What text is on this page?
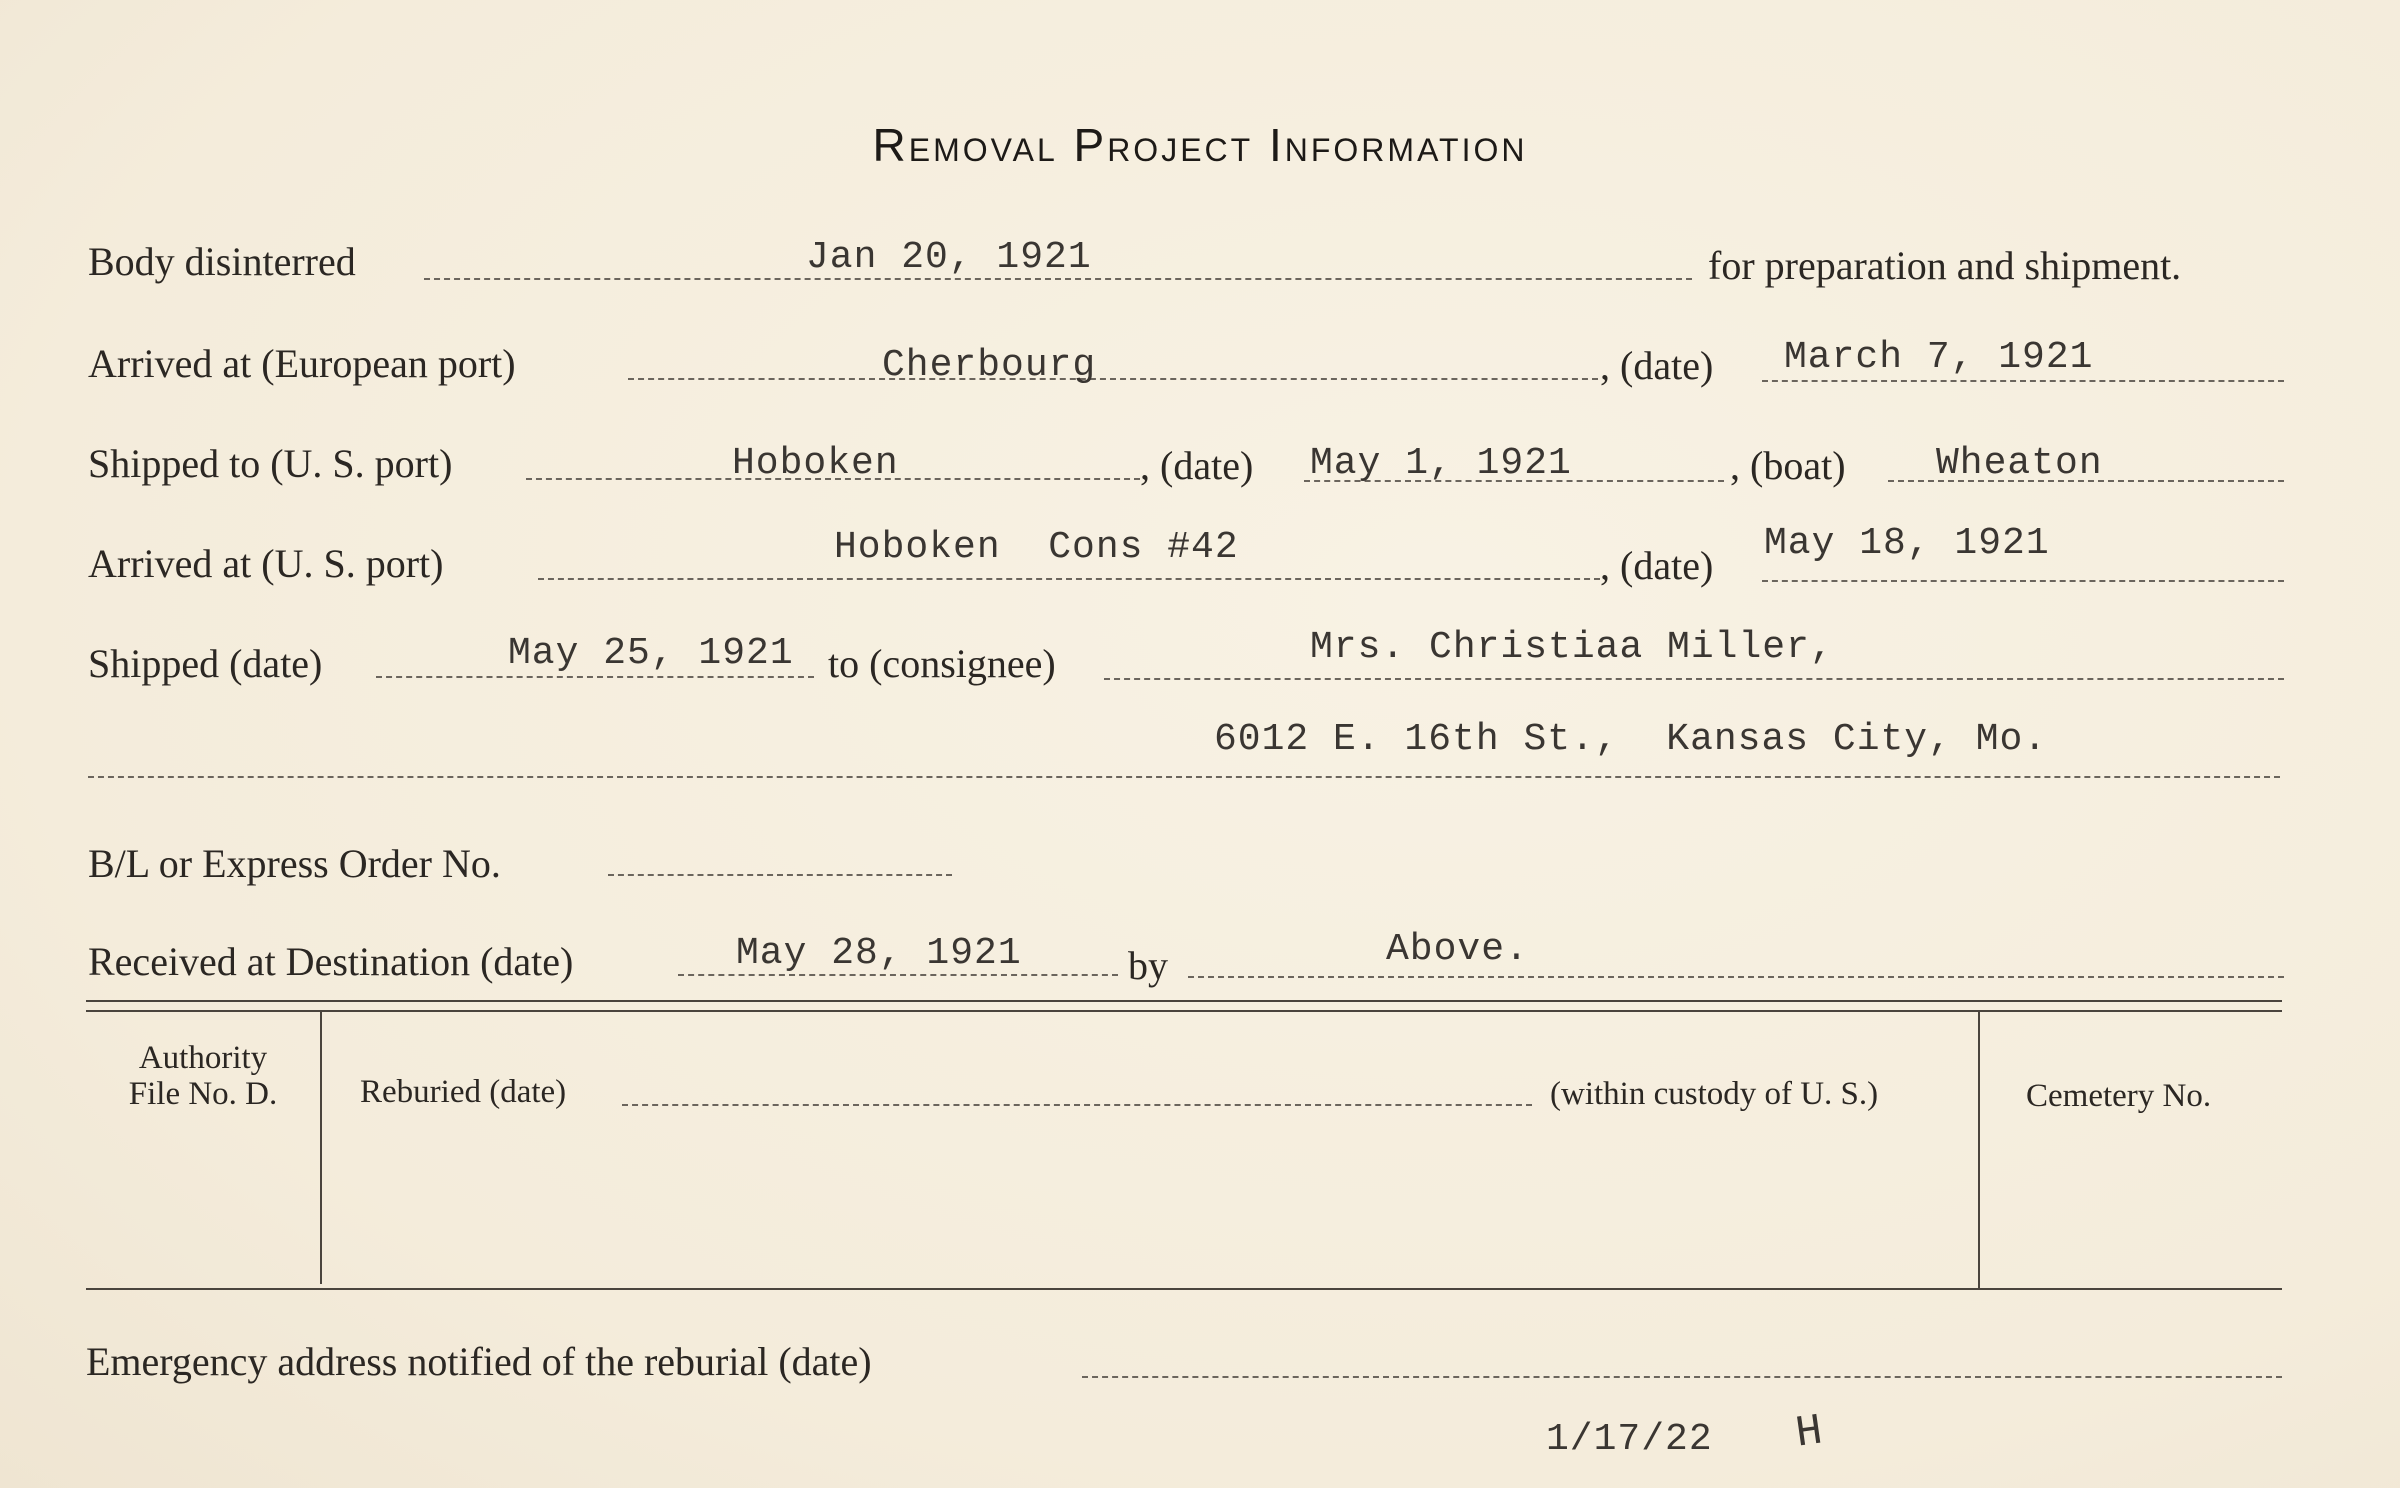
Removal Project Information
Body disinterred	Jan 20, 1921	for preparation and shipment.
Arrived at (European port)	Cherbourg	, (date) March 7, 1921
Shipped to (U. S. port)	Hoboken	, (date) May 1, 1921	, (boat) Wheaton
Arrived at (U. S. port)	Hoboken  Cons #42	, (date) May 18, 1921
Shipped (date)	May 25, 1921 to (consignee)	Mrs. Christiaa Miller,
6012 E. 16th St.,  Kansas City, Mo.
B/L or Express Order No.
Received at Destination (date)	May 28, 1921	by	Above.
Authority
File No. D.	Reburied (date)	(within custody of U. S.)	Cemetery No.
Emergency address notified of the reburial (date)
1/17/22 H
